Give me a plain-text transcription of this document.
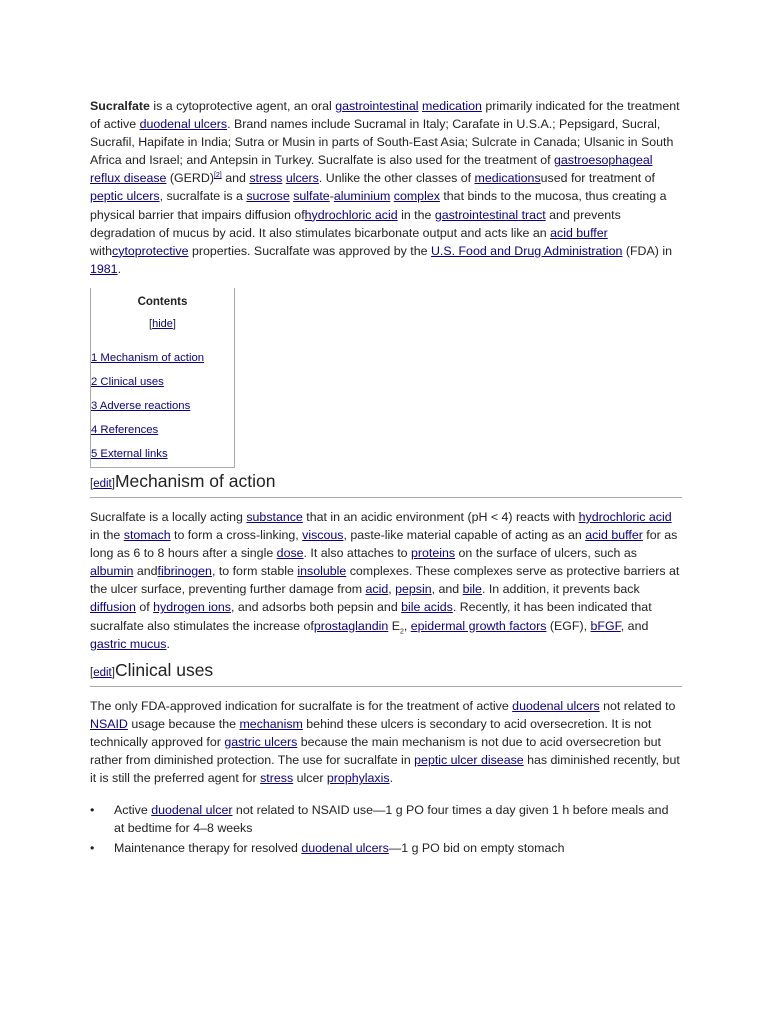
Sucralfate is a cytoprotective agent, an oral gastrointestinal medication primarily indicated for the treatment of active duodenal ulcers. Brand names include Sucramal in Italy; Carafate in U.S.A.; Pepsigard, Sucral, Sucrafil, Hapifate in India; Sutra or Musin in parts of South-East Asia; Sulcrate in Canada; Ulsanic in South Africa and Israel; and Antepsin in Turkey. Sucralfate is also used for the treatment of gastroesophageal reflux disease (GERD)[2] and stress ulcers. Unlike the other classes of medicationsused for treatment of peptic ulcers, sucralfate is a sucrose sulfate-aluminium complex that binds to the mucosa, thus creating a physical barrier that impairs diffusion ofhydrochloric acid in the gastrointestinal tract and prevents degradation of mucus by acid. It also stimulates bicarbonate output and acts like an acid buffer withcytoprotective properties. Sucralfate was approved by the U.S. Food and Drug Administration (FDA) in 1981.

Contents
[hide]
1 Mechanism of action
2 Clinical uses
3 Adverse reactions
4 References
5 External links
[edit]Mechanism of action

Sucralfate is a locally acting substance that in an acidic environment (pH < 4) reacts with hydrochloric acid in the stomach to form a cross-linking, viscous, paste-like material capable of acting as an acid buffer for as long as 6 to 8 hours after a single dose. It also attaches to proteins on the surface of ulcers, such as albumin andfibrinogen, to form stable insoluble complexes. These complexes serve as protective barriers at the ulcer surface, preventing further damage from acid, pepsin, and bile. In addition, it prevents back diffusion of hydrogen ions, and adsorbs both pepsin and bile acids. Recently, it has been indicated that sucralfate also stimulates the increase ofprostaglandin $E_2$, epidermal growth factors (EGF), bFGF, and gastric mucus.

[edit]Clinical uses

The only FDA-approved indication for sucralfate is for the treatment of active duodenal ulcers not related to NSAID usage because the mechanism behind these ulcers is secondary to acid oversecretion. It is not technically approved for gastric ulcers because the main mechanism is not due to acid oversecretion but rather from diminished protection. The use for sucralfate in peptic ulcer disease has diminished recently, but it is still the preferred agent for stress ulcer prophylaxis.

• Active duodenal ulcer not related to NSAID use—1 g PO four times a day given 1 h before meals and at bedtime for 4–8 weeks
• Maintenance therapy for resolved duodenal ulcers—1 g PO bid on empty stomach
